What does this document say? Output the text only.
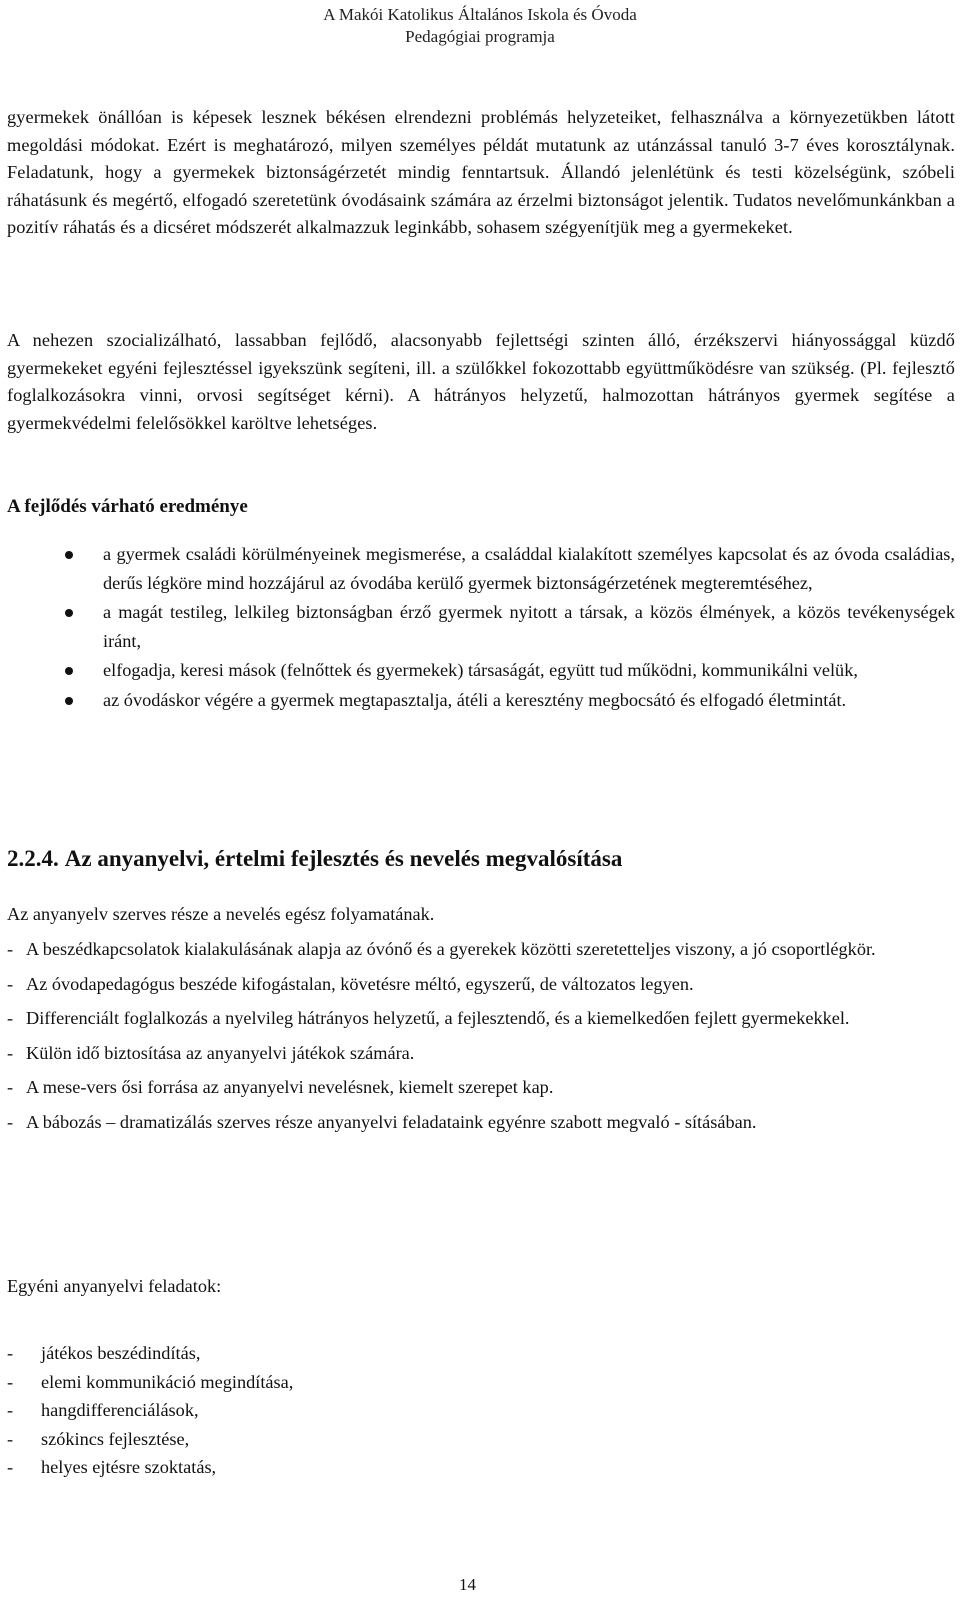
A Makói Katolikus Általános Iskola és Óvoda
Pedagógiai programja

gyermekek önállóan is képesek lesznek békésen elrendezni problémás helyzeteiket, felhasználva a környezetükben látott megoldási módokat. Ezért is meghatározó, milyen személyes példát mutatunk az utánzással tanuló 3-7 éves korosztálynak. Feladatunk, hogy a gyermekek biztonságérzetét mindig fenntartsuk. Állandó jelenlétünk és testi közelségünk, szóbeli ráhatásunk és megértő, elfogadó szeretetünk óvodásaink számára az érzelmi biztonságot jelentik. Tudatos nevelőmunkánkban a pozitív ráhatás és a dicséret módszerét alkalmazzuk leginkább, sohasem szégyenítjük meg a gyermekeket.

A nehezen szocializálható, lassabban fejlődő, alacsonyabb fejlettségi szinten álló, érzékszervi hiányossággal küzdő gyermekeket egyéni fejlesztéssel igyekszünk segíteni, ill. a szülőkkel fokozottabb együttműködésre van szükség. (Pl. fejlesztő foglalkozásokra vinni, orvosi segítséget kérni). A hátrányos helyzetű, halmozottan hátrányos gyermek segítése a gyermekvédelmi felelősökkel karöltve lehetséges.

A fejlődés várható eredménye
a gyermek családi körülményeinek megismerése, a családdal kialakított személyes kapcsolat és az óvoda családias, derűs légköre mind hozzájárul az óvodába kerülő gyermek biztonságérzetének megteremtéséhez,
a magát testileg, lelkileg biztonságban érző gyermek nyitott a társak, a közös élmények, a közös tevékenységek iránt,
elfogadja, keresi mások (felnőttek és gyermekek) társaságát, együtt tud működni, kommunikálni velük,
az óvodáskor végére a gyermek megtapasztalja, átéli a keresztény megbocsátó és elfogadó életmintát.
2.2.4. Az anyanyelvi, értelmi fejlesztés és nevelés megvalósítása
Az anyanyelv szerves része a nevelés egész folyamatának.
- A beszédkapcsolatok kialakulásának alapja az óvónő és a gyerekek közötti szeretetteljes viszony, a jó csoportlégkör.
- Az óvodapedagógus beszéde kifogástalan, követésre méltó, egyszerű, de változatos legyen.
- Differenciált foglalkozás a nyelvileg hátrányos helyzetű, a fejlesztendő, és a kiemelkedően fejlett gyermekekkel.
- Külön idő biztosítása az anyanyelvi játékok számára.
- A mese-vers ősi forrása az anyanyelvi nevelésnek, kiemelt szerepet kap.
- A bábozás – dramatizálás szerves része anyanyelvi feladataink egyénre szabott megvaló - sításában.
Egyéni anyanyelvi feladatok:
- játékos beszédindítás,
- elemi kommunikáció megindítása,
- hangdifferenciálások,
- szókincs fejlesztése,
- helyes ejtésre szoktatás,
14
